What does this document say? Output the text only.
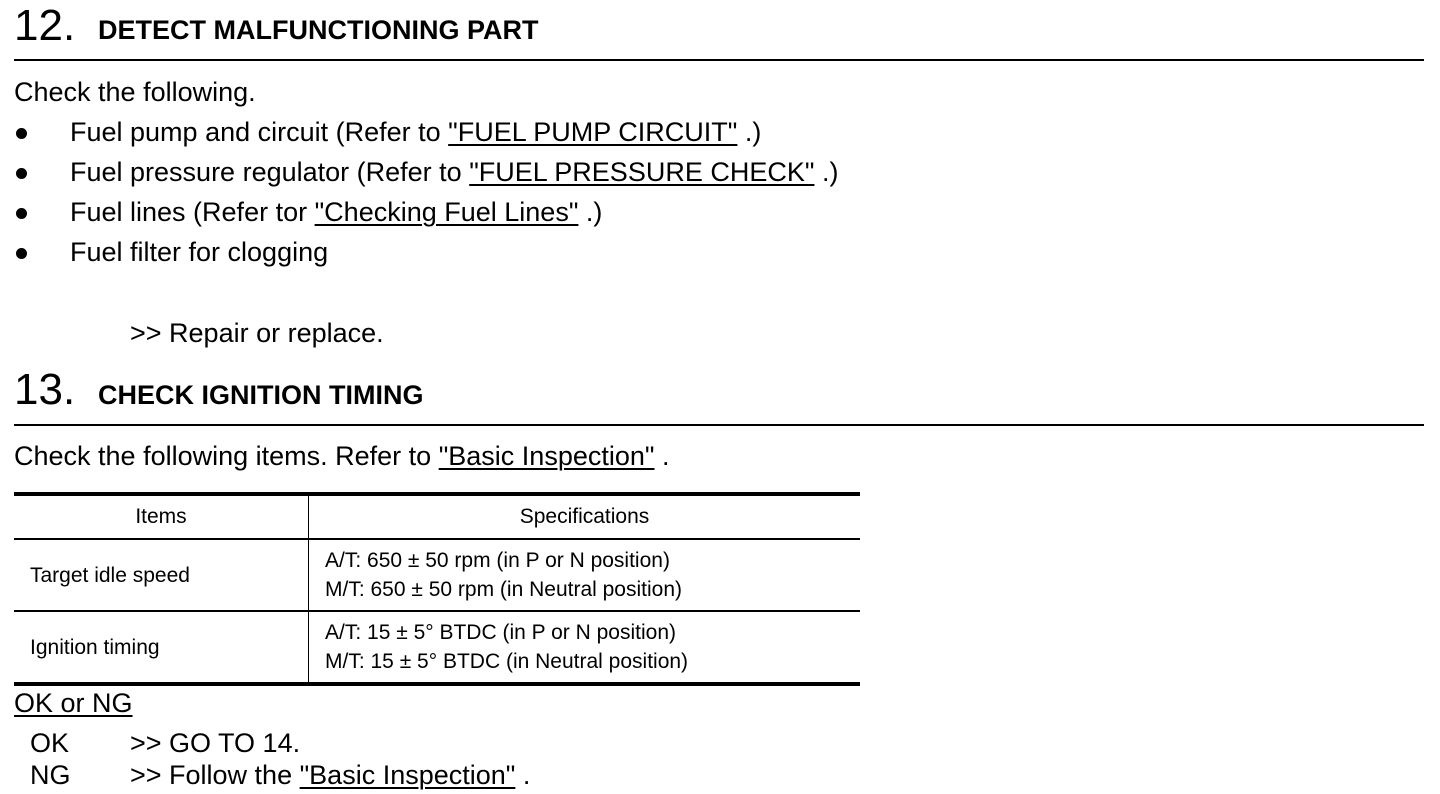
12. DETECT MALFUNCTIONING PART
Check the following.
Fuel pump and circuit (Refer to "FUEL PUMP CIRCUIT" .)
Fuel pressure regulator (Refer to "FUEL PRESSURE CHECK" .)
Fuel lines (Refer tor "Checking Fuel Lines" .)
Fuel filter for clogging
>> Repair or replace.
13. CHECK IGNITION TIMING
Check the following items. Refer to "Basic Inspection" .
Items	Specifications
Target idle speed	A/T: 650 ± 50 rpm (in P or N position)
M/T: 650 ± 50 rpm (in Neutral position)

Ignition timing	A/T: 15 ± 5° BTDC (in P or N position)
M/T: 15 ± 5° BTDC (in Neutral position)
OK or NG
OK >> GO TO 14.
NG >> Follow the "Basic Inspection" .
